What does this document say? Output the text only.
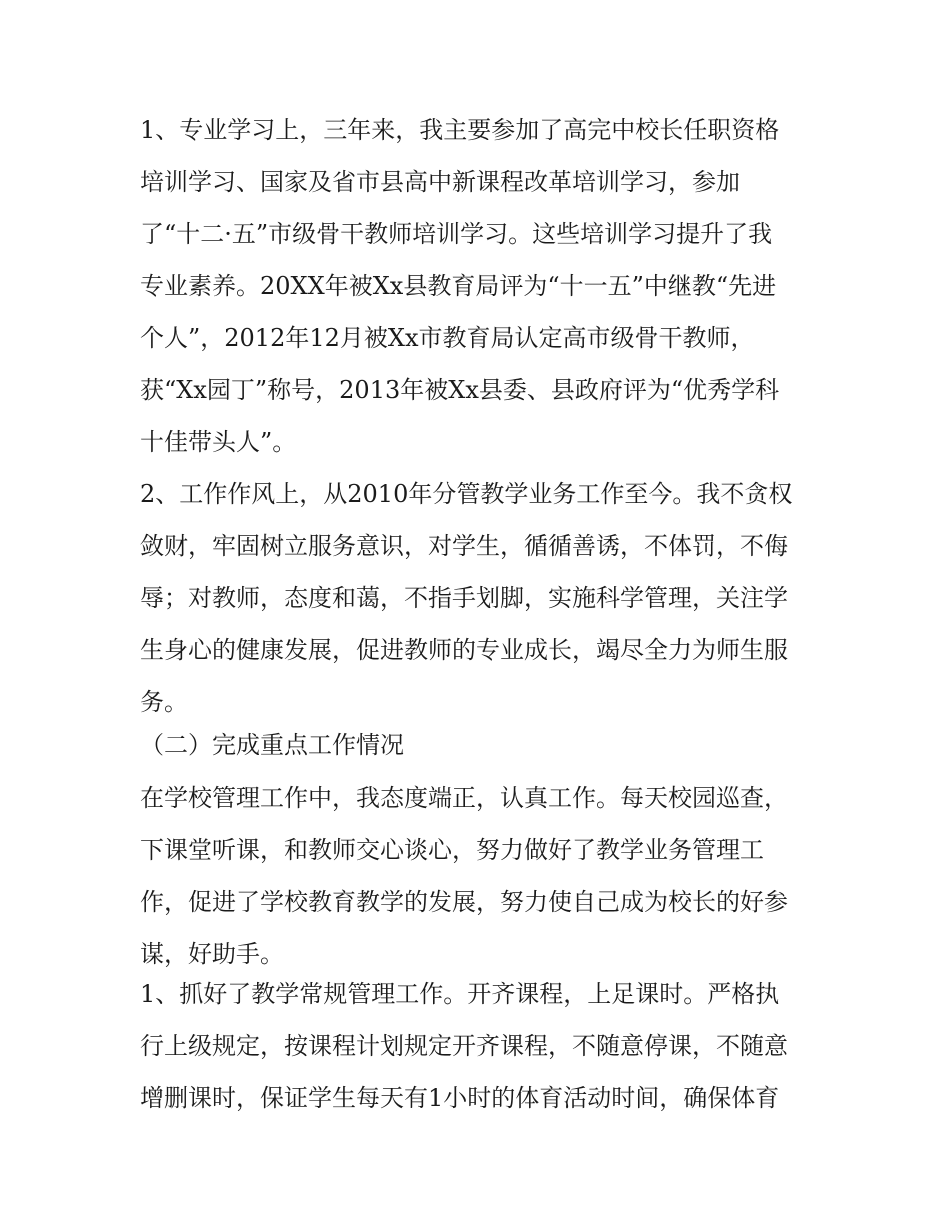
1、专业学习上，三年来，我主要参加了高完中校长任职资格
培训学习、国家及省市县高中新课程改革培训学习，参加
了“十二·五”市级骨干教师培训学习。这些培训学习提升了我
专业素养。20XX年被Xx县教育局评为“十一五”中继教“先进
个人”，2012年12月被Xx市教育局认定高市级骨干教师，
获“Xx园丁”称号，2013年被Xx县委、县政府评为“优秀学科
十佳带头人”。
2、工作作风上，从2010年分管教学业务工作至今。我不贪权
敛财，牢固树立服务意识，对学生，循循善诱，不体罚，不侮
辱；对教师，态度和蔼，不指手划脚，实施科学管理，关注学
生身心的健康发展，促进教师的专业成长，竭尽全力为师生服
务。
（二）完成重点工作情况
在学校管理工作中，我态度端正，认真工作。每天校园巡查，
下课堂听课，和教师交心谈心，努力做好了教学业务管理工
作，促进了学校教育教学的发展，努力使自己成为校长的好参
谋，好助手。
1、抓好了教学常规管理工作。开齐课程，上足课时。严格执
行上级规定，按课程计划规定开齐课程，不随意停课，不随意
增删课时，保证学生每天有1小时的体育活动时间，确保体育
